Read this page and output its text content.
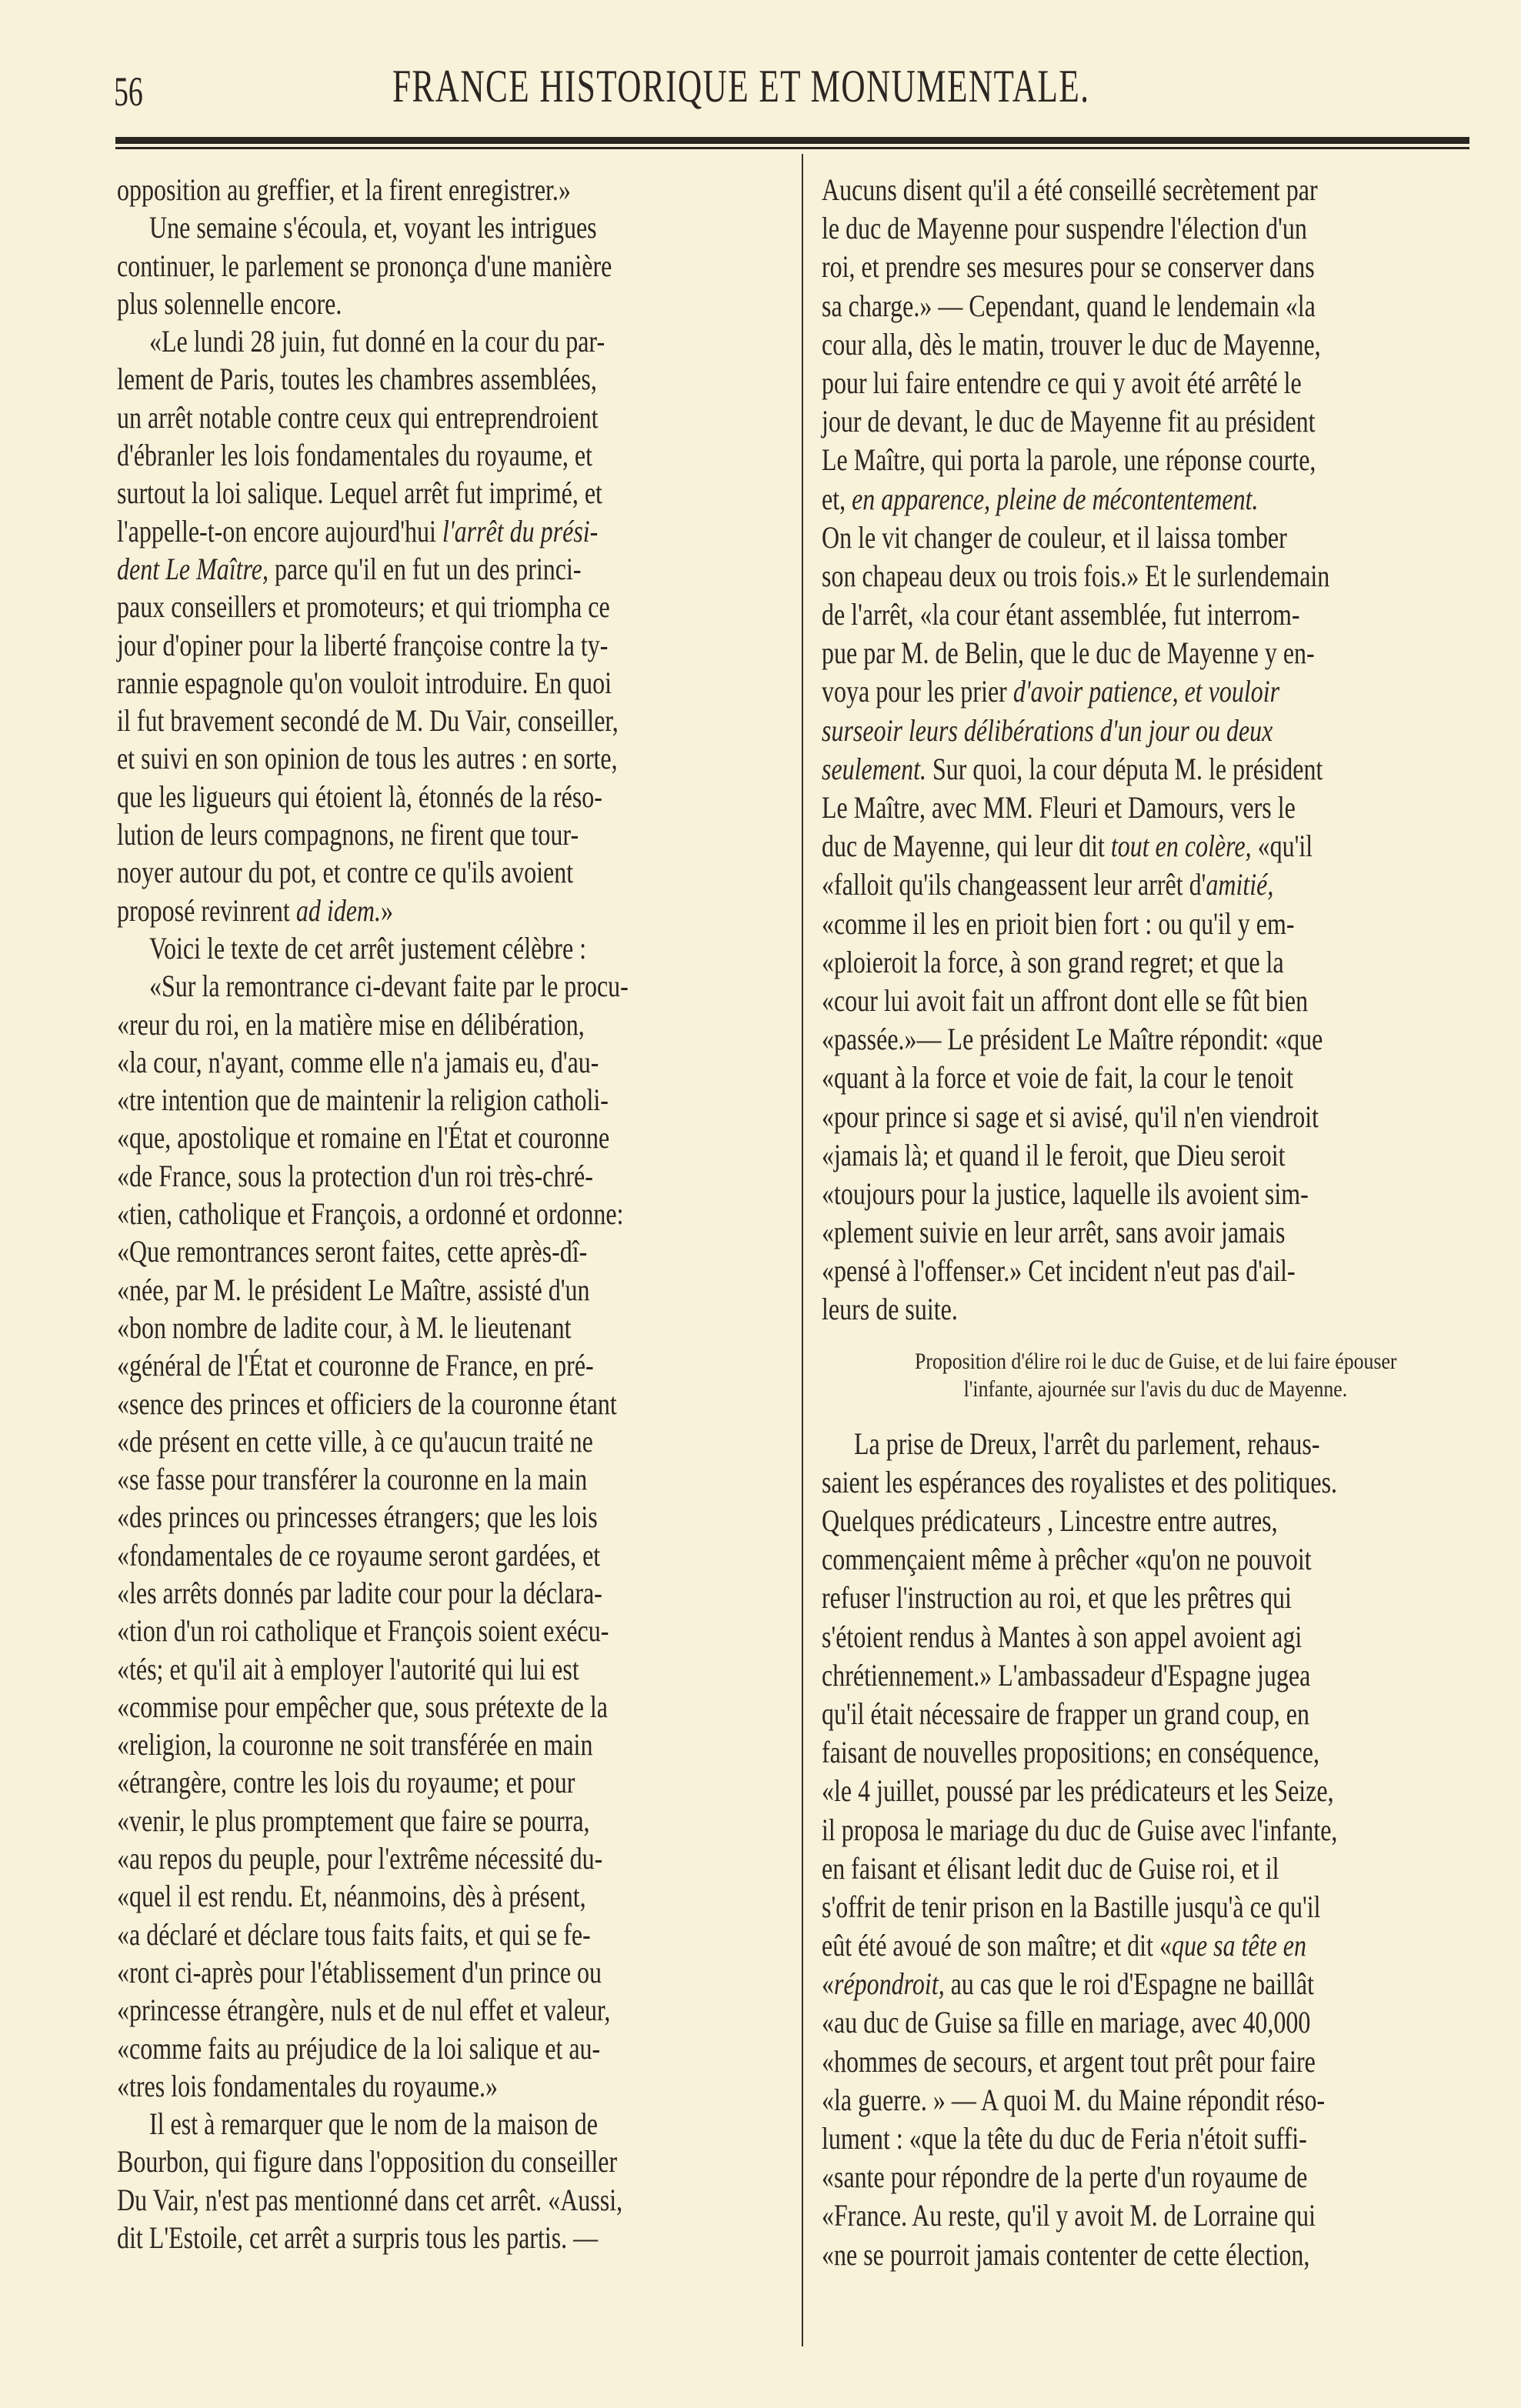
56	FRANCE HISTORIQUE ET MONUMENTALE.
opposition au greffier, et la firent enregistrer.»
Une semaine s'écoula, et, voyant les intrigues
continuer, le parlement se prononça d'une manière
plus solennelle encore.
«Le lundi 28 juin, fut donné en la cour du par-
lement de Paris, toutes les chambres assemblées,
un arrêt notable contre ceux qui entreprendroient
d'ébranler les lois fondamentales du royaume, et
surtout la loi salique. Lequel arrêt fut imprimé, et
l'appelle-t-on encore aujourd'hui l'arrêt du prési-
dent Le Maître, parce qu'il en fut un des princi-
paux conseillers et promoteurs; et qui triompha ce
jour d'opiner pour la liberté françoise contre la ty-
rannie espagnole qu'on vouloit introduire. En quoi
il fut bravement secondé de M. Du Vair, conseiller,
et suivi en son opinion de tous les autres : en sorte,
que les ligueurs qui étoient là, étonnés de la réso-
lution de leurs compagnons, ne firent que tour-
noyer autour du pot, et contre ce qu'ils avoient
proposé revinrent ad idem.»
Voici le texte de cet arrêt justement célèbre :
«Sur la remontrance ci-devant faite par le procu-
«reur du roi, en la matière mise en délibération,
«la cour, n'ayant, comme elle n'a jamais eu, d'au-
«tre intention que de maintenir la religion catholi-
«que, apostolique et romaine en l'État et couronne
«de France, sous la protection d'un roi très-chré-
«tien, catholique et François, a ordonné et ordonne:
«Que remontrances seront faites, cette après-dî-
«née, par M. le président Le Maître, assisté d'un
«bon nombre de ladite cour, à M. le lieutenant
«général de l'État et couronne de France, en pré-
«sence des princes et officiers de la couronne étant
«de présent en cette ville, à ce qu'aucun traité ne
«se fasse pour transférer la couronne en la main
«des princes ou princesses étrangers; que les lois
«fondamentales de ce royaume seront gardées, et
«les arrêts donnés par ladite cour pour la déclara-
«tion d'un roi catholique et François soient exécu-
«tés; et qu'il ait à employer l'autorité qui lui est
«commise pour empêcher que, sous prétexte de la
«religion, la couronne ne soit transférée en main
«étrangère, contre les lois du royaume; et pour
«venir, le plus promptement que faire se pourra,
«au repos du peuple, pour l'extrême nécessité du-
«quel il est rendu. Et, néanmoins, dès à présent,
«a déclaré et déclare tous faits faits, et qui se fe-
«ront ci-après pour l'établissement d'un prince ou
«princesse étrangère, nuls et de nul effet et valeur,
«comme faits au préjudice de la loi salique et au-
«tres lois fondamentales du royaume.»
Il est à remarquer que le nom de la maison de
Bourbon, qui figure dans l'opposition du conseiller
Du Vair, n'est pas mentionné dans cet arrêt. «Aussi,
dit L'Estoile, cet arrêt a surpris tous les partis. —
Aucuns disent qu'il a été conseillé secrètement par
le duc de Mayenne pour suspendre l'élection d'un
roi, et prendre ses mesures pour se conserver dans
sa charge.» — Cependant, quand le lendemain «la
cour alla, dès le matin, trouver le duc de Mayenne,
pour lui faire entendre ce qui y avoit été arrêté le
jour de devant, le duc de Mayenne fit au président
Le Maître, qui porta la parole, une réponse courte,
et, en apparence, pleine de mécontentement.
On le vit changer de couleur, et il laissa tomber
son chapeau deux ou trois fois.» Et le surlendemain
de l'arrêt, «la cour étant assemblée, fut interrom-
pue par M. de Belin, que le duc de Mayenne y en-
voya pour les prier d'avoir patience, et vouloir
surseoir leurs délibérations d'un jour ou deux
seulement. Sur quoi, la cour députa M. le président
Le Maître, avec MM. Fleuri et Damours, vers le
duc de Mayenne, qui leur dit tout en colère, «qu'il
«falloit qu'ils changeassent leur arrêt d'amitié,
«comme il les en prioit bien fort : ou qu'il y em-
«ploieroit la force, à son grand regret; et que la
«cour lui avoit fait un affront dont elle se fût bien
«passée.»— Le président Le Maître répondit: «que
«quant à la force et voie de fait, la cour le tenoit
«pour prince si sage et si avisé, qu'il n'en viendroit
«jamais là; et quand il le feroit, que Dieu seroit
«toujours pour la justice, laquelle ils avoient sim-
«plement suivie en leur arrêt, sans avoir jamais
«pensé à l'offenser.» Cet incident n'eut pas d'ail-
leurs de suite.
Proposition d'élire roi le duc de Guise, et de lui faire épouser
l'infante, ajournée sur l'avis du duc de Mayenne.
La prise de Dreux, l'arrêt du parlement, rehaus-
saient les espérances des royalistes et des politiques.
Quelques prédicateurs , Lincestre entre autres,
commençaient même à prêcher «qu'on ne pouvoit
refuser l'instruction au roi, et que les prêtres qui
s'étoient rendus à Mantes à son appel avoient agi
chrétiennement.» L'ambassadeur d'Espagne jugea
qu'il était nécessaire de frapper un grand coup, en
faisant de nouvelles propositions; en conséquence,
«le 4 juillet, poussé par les prédicateurs et les Seize,
il proposa le mariage du duc de Guise avec l'infante,
en faisant et élisant ledit duc de Guise roi, et il
s'offrit de tenir prison en la Bastille jusqu'à ce qu'il
eût été avoué de son maître; et dit «que sa tête en
«répondroit, au cas que le roi d'Espagne ne baillât
«au duc de Guise sa fille en mariage, avec 40,000
«hommes de secours, et argent tout prêt pour faire
«la guerre. » — A quoi M. du Maine répondit réso-
lument : «que la tête du duc de Feria n'étoit suffi-
«sante pour répondre de la perte d'un royaume de
«France. Au reste, qu'il y avoit M. de Lorraine qui
«ne se pourroit jamais contenter de cette élection,
